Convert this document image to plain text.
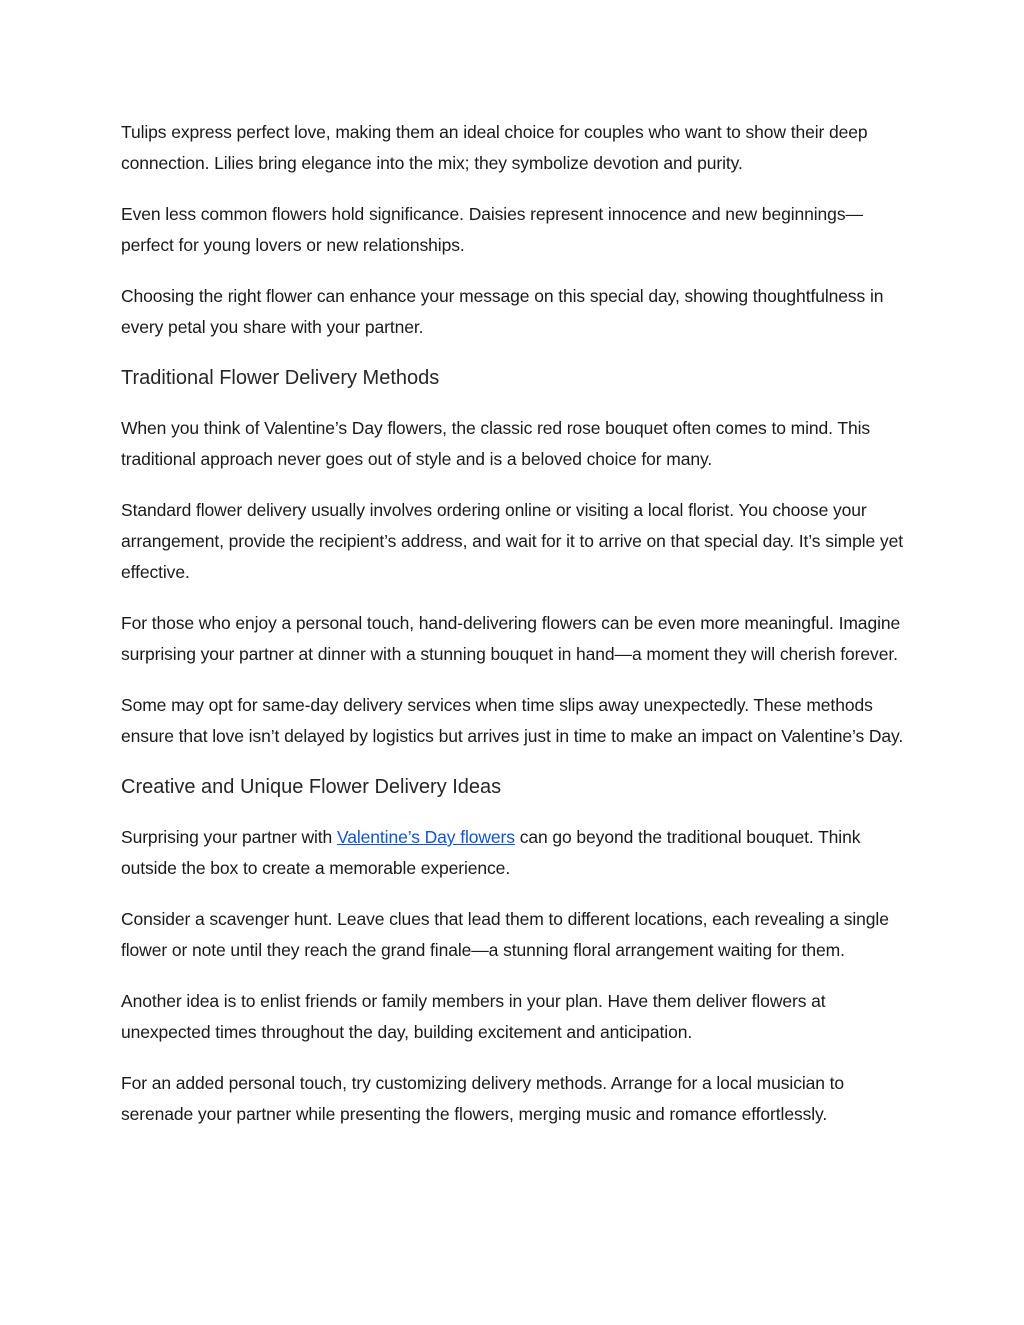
Tulips express perfect love, making them an ideal choice for couples who want to show their deep connection. Lilies bring elegance into the mix; they symbolize devotion and purity.

Even less common flowers hold significance. Daisies represent innocence and new beginnings—perfect for young lovers or new relationships.

Choosing the right flower can enhance your message on this special day, showing thoughtfulness in every petal you share with your partner.

Traditional Flower Delivery Methods

When you think of Valentine’s Day flowers, the classic red rose bouquet often comes to mind. This traditional approach never goes out of style and is a beloved choice for many.

Standard flower delivery usually involves ordering online or visiting a local florist. You choose your arrangement, provide the recipient’s address, and wait for it to arrive on that special day. It’s simple yet effective.

For those who enjoy a personal touch, hand-delivering flowers can be even more meaningful. Imagine surprising your partner at dinner with a stunning bouquet in hand—a moment they will cherish forever.

Some may opt for same-day delivery services when time slips away unexpectedly. These methods ensure that love isn’t delayed by logistics but arrives just in time to make an impact on Valentine’s Day.

Creative and Unique Flower Delivery Ideas

Surprising your partner with Valentine’s Day flowers can go beyond the traditional bouquet. Think outside the box to create a memorable experience.

Consider a scavenger hunt. Leave clues that lead them to different locations, each revealing a single flower or note until they reach the grand finale—a stunning floral arrangement waiting for them.

Another idea is to enlist friends or family members in your plan. Have them deliver flowers at unexpected times throughout the day, building excitement and anticipation.

For an added personal touch, try customizing delivery methods. Arrange for a local musician to serenade your partner while presenting the flowers, merging music and romance effortlessly.
